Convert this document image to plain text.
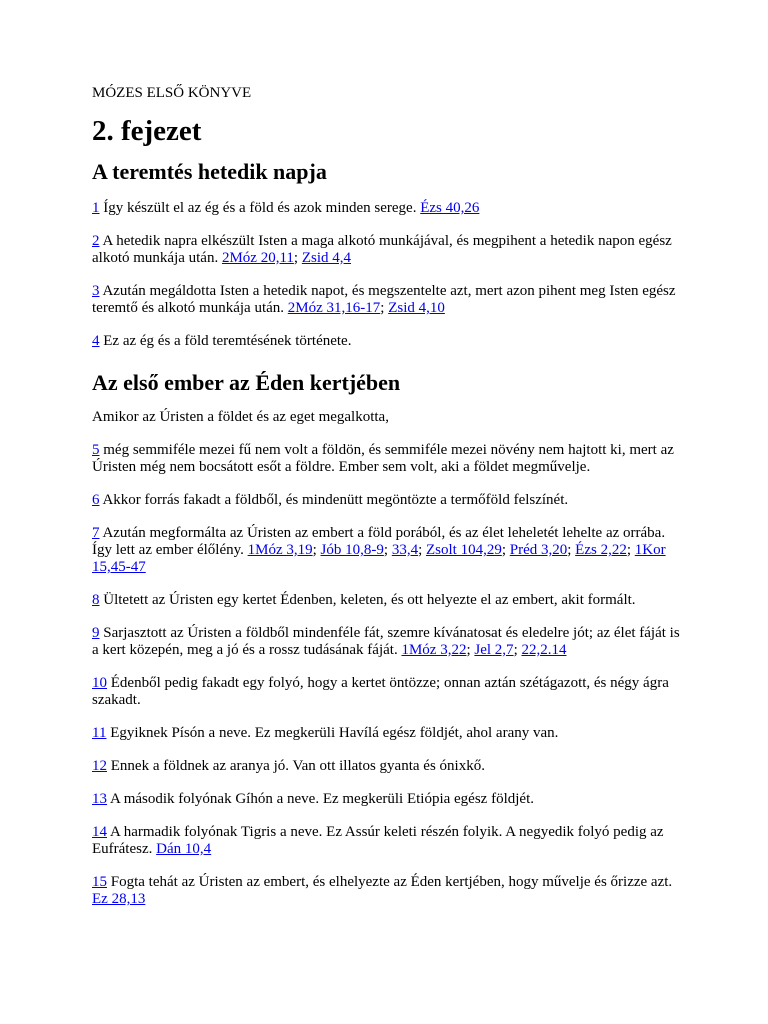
MÓZES ELSŐ KÖNYVE
2. fejezet
A teremtés hetedik napja

1 Így készült el az ég és a föld és azok minden serege. Ézs 40,26

2 A hetedik napra elkészült Isten a maga alkotó munkájával, és megpihent a hetedik napon egész alkotó munkája után. 2Móz 20,11; Zsid 4,4

3 Azután megáldotta Isten a hetedik napot, és megszentelte azt, mert azon pihent meg Isten egész teremtő és alkotó munkája után. 2Móz 31,16-17; Zsid 4,10

4 Ez az ég és a föld teremtésének története.

Az első ember az Éden kertjében

Amikor az Úristen a földet és az eget megalkotta,

5 még semmiféle mezei fű nem volt a földön, és semmiféle mezei növény nem hajtott ki, mert az Úristen még nem bocsátott esőt a földre. Ember sem volt, aki a földet megművelje.

6 Akkor forrás fakadt a földből, és mindenütt megöntözte a termőföld felszínét.

7 Azután megformálta az Úristen az embert a föld porából, és az élet leheletét lehelte az orrába. Így lett az ember élőlény. 1Móz 3,19; Jób 10,8-9; 33,4; Zsolt 104,29; Préd 3,20; Ézs 2,22; 1Kor 15,45-47

8 Ültetett az Úristen egy kertet Édenben, keleten, és ott helyezte el az embert, akit formált.

9 Sarjasztott az Úristen a földből mindenféle fát, szemre kívánatosat és eledelre jót; az élet fáját is a kert közepén, meg a jó és a rossz tudásának fáját. 1Móz 3,22; Jel 2,7; 22,2.14

10 Édenből pedig fakadt egy folyó, hogy a kertet öntözze; onnan aztán szétágazott, és négy ágra szakadt.

11 Egyiknek Písón a neve. Ez megkerüli Havílá egész földjét, ahol arany van.

12 Ennek a földnek az aranya jó. Van ott illatos gyanta és ónixkő.

13 A második folyónak Gíhón a neve. Ez megkerüli Etiópia egész földjét.

14 A harmadik folyónak Tigris a neve. Ez Assúr keleti részén folyik. A negyedik folyó pedig az Eufrátesz. Dán 10,4

15 Fogta tehát az Úristen az embert, és elhelyezte az Éden kertjében, hogy művelje és őrizze azt. Ez 28,13
